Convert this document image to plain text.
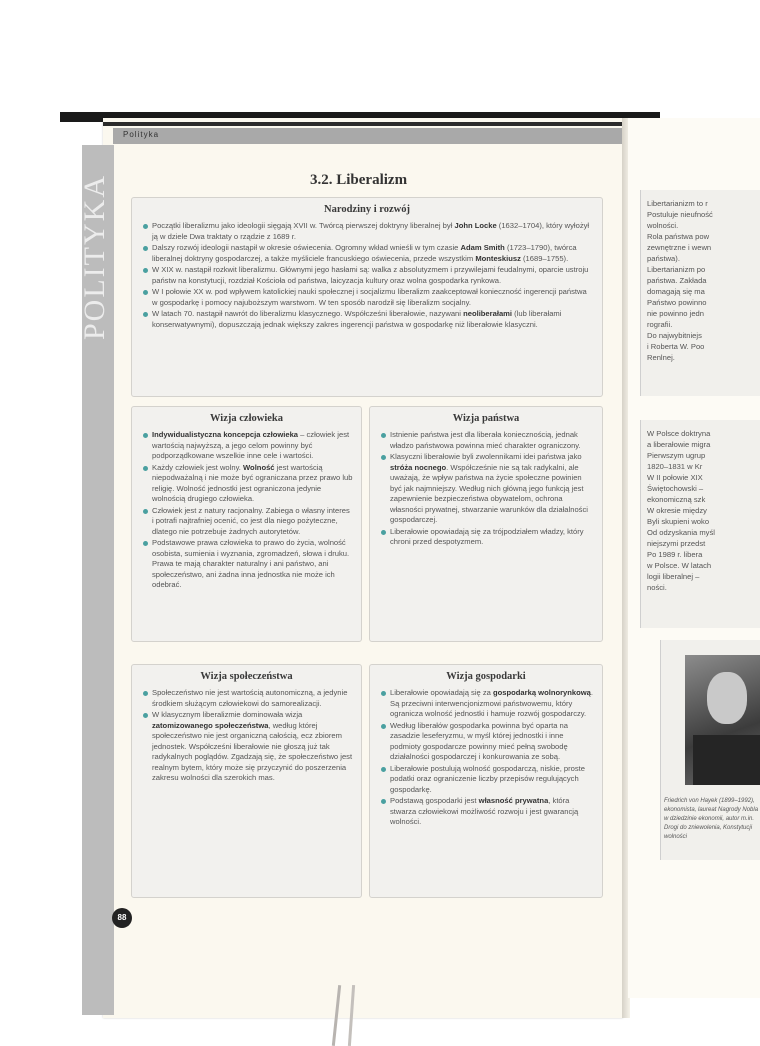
Polityka
POLITYKA	Libertarianizm to r
Postuluje nieufność
wolności.
Rola państwa pow
zewnętrzne i wewn
państwa).
Libertarianizm po
państwa. Zakłada
domagają się ma
Państwo powinno
nie powinno jedn
rografii.
Do najwybitniejs
i Roberta W. Poo
Renlnej.
W Polsce doktryna
a liberałowie migra
Pierwszym ugrup
1820–1831 w Kr
W II połowie XIX
Świętochowski –
ekonomiczną szk
W okresie między
Byli skupieni woko
Od odzyskania myśl
niejszymi przedst
Po 1989 r. libera
w Polsce. W latach
logii liberalnej –
ności.
Friedrich von Hayek (1899–1992), ekonomista, laureat Nagrody Nobla w dziedzinie ekonomii, autor m.in. Drogi do zniewolenia, Konstytucji wolności
3.2. Liberalizm
Narodziny i rozwój
Początki liberalizmu jako ideologii sięgają XVII w. Twórcą pierwszej doktryny liberalnej był John Locke (1632–1704), który wyłożył ją w dziele Dwa traktaty o rządzie z 1689 r.
Dalszy rozwój ideologii nastąpił w okresie oświecenia. Ogromny wkład wnieśli w tym czasie Adam Smith (1723–1790), twórca liberalnej doktryny gospodarczej, a także myśliciele francuskiego oświecenia, przede wszystkim Monteskiusz (1689–1755).
W XIX w. nastąpił rozkwit liberalizmu. Głównymi jego hasłami są: walka z absolutyzmem i przywilejami feudalnymi, oparcie ustroju państw na konstytucji, rozdział Kościoła od państwa, laicyzacja kultury oraz wolna gospodarka rynkowa.
W I połowie XX w. pod wpływem katolickiej nauki społecznej i socjalizmu liberalizm zaakceptował konieczność ingerencji państwa w gospodarkę i pomocy najuboższym warstwom. W ten sposób narodził się liberalizm socjalny.
W latach 70. nastąpił nawrót do liberalizmu klasycznego. Współcześni liberałowie, nazywani neoliberałami (lub liberałami konserwatywnymi), dopuszczają jednak większy zakres ingerencji państwa w gospodarkę niż liberałowie klasyczni.
Wizja człowieka
Indywidualistyczna koncepcja człowieka – człowiek jest wartością najwyższą, a jego celom powinny być podporządkowane wszelkie inne cele i wartości.
Każdy człowiek jest wolny. Wolność jest wartością niepodważalną i nie może być ograniczana przez prawo lub religię. Wolność jednostki jest ograniczona jedynie wolnością drugiego człowieka.
Człowiek jest z natury racjonalny. Zabiega o własny interes i potrafi najtrafniej ocenić, co jest dla niego pożyteczne, dlatego nie potrzebuje żadnych autorytetów.
Podstawowe prawa człowieka to prawo do życia, wolność osobista, sumienia i wyznania, zgromadzeń, słowa i druku. Prawa te mają charakter naturalny i ani państwo, ani społeczeństwo, ani żadna inna jednostka nie może ich odebrać.
Wizja państwa
Istnienie państwa jest dla liberała koniecznością, jednak władzo państwowa powinna mieć charakter ograniczony.
Klasyczni liberałowie byli zwolennikami idei państwa jako stróża nocnego. Współcześnie nie są tak radykalni, ale uważają, że wpływ państwa na życie społeczne powinien być jak najmniejszy. Według nich główną jego funkcją jest zapewnienie bezpieczeństwa obywatelom, ochrona własności prywatnej, stwarzanie warunków dla działalności gospodarczej.
Liberałowie opowiadają się za trójpodziałem władzy, który chroni przed despotyzmem.
Wizja społeczeństwa
Społeczeństwo nie jest wartością autonomiczną, a jedynie środkiem służącym człowiekowi do samorealizacji.
W klasycznym liberalizmie dominowała wizja zatomizowanego społeczeństwa, według której społeczeństwo nie jest organiczną całością, ecz zbiorem jednostek. Współcześni liberałowie nie głoszą już tak radykalnych poglądów. Zgadzają się, że społeczeństwo jest realnym bytem, który może się przyczynić do poszerzenia zakresu wolności dla szerokich mas.
Wizja gospodarki
Liberałowie opowiadają się za gospodarką wolnorynkową. Są przeciwni interwencjonizmowi państwowemu, który ogranicza wolność jednostki i hamuje rozwój gospodarczy.
Według liberałów gospodarka powinna być oparta na zasadzie leseferyzmu, w myśl której jednostki i inne podmioty gospodarcze powinny mieć pełną swobodę działalności gospodarczej i konkurowania ze sobą.
Liberałowie postulują wolność gospodarczą, niskie, proste podatki oraz ograniczenie liczby przepisów regulujących gospodarkę.
Podstawą gospodarki jest własność prywatna, która stwarza człowiekowi możliwość rozwoju i jest gwarancją wolności.
88
